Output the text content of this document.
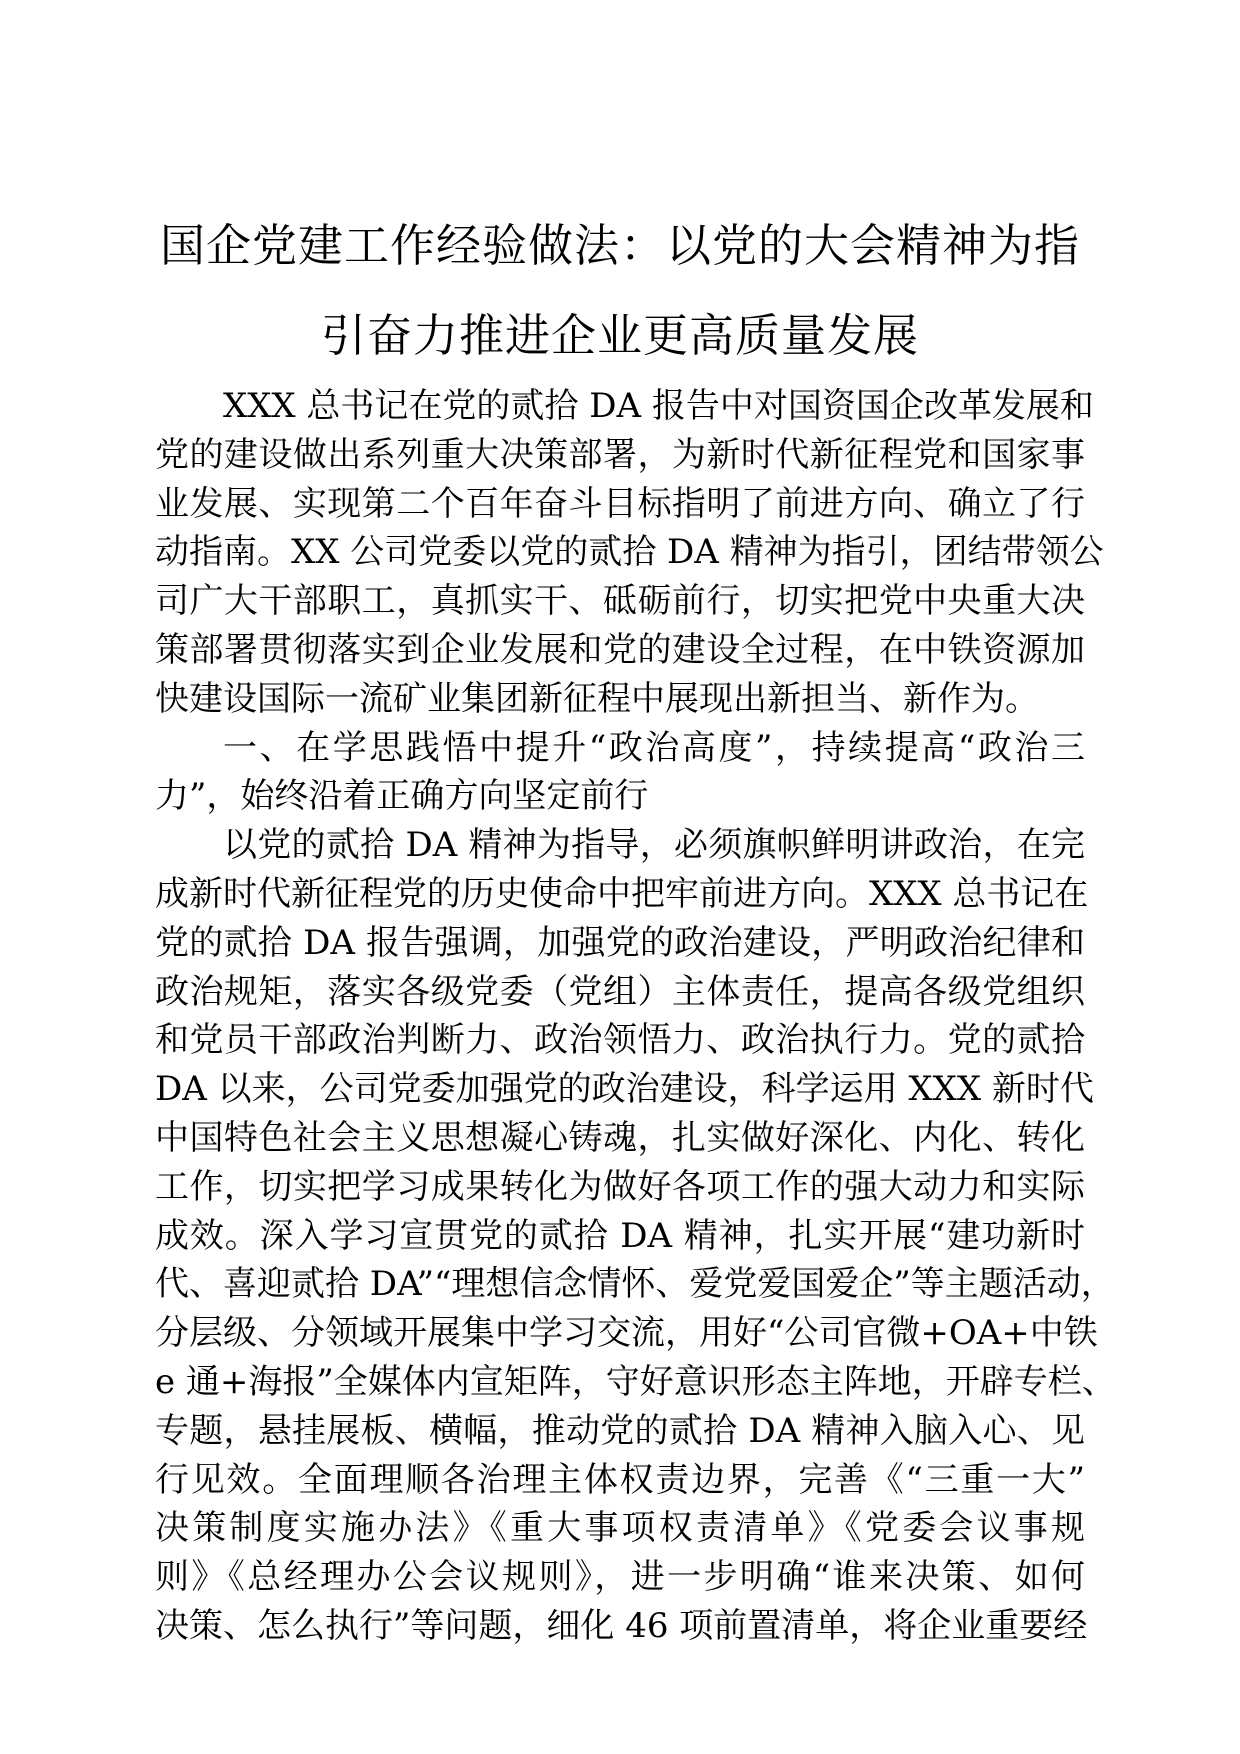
国企党建工作经验做法：以党的大会精神为指
引奋力推进企业更高质量发展
XXX 总书记在党的贰拾 DA 报告中对国资国企改革发展和
党的建设做出系列重大决策部署，为新时代新征程党和国家事
业发展、实现第二个百年奋斗目标指明了前进方向、确立了行
动指南。XX 公司党委以党的贰拾 DA 精神为指引，团结带领公
司广大干部职工，真抓实干、砥砺前行，切实把党中央重大决
策部署贯彻落实到企业发展和党的建设全过程，在中铁资源加
快建设国际一流矿业集团新征程中展现出新担当、新作为。
一、在学思践悟中提升“政治高度”，持续提高“政治三
力”，始终沿着正确方向坚定前行
以党的贰拾 DA 精神为指导，必须旗帜鲜明讲政治，在完
成新时代新征程党的历史使命中把牢前进方向。XXX 总书记在
党的贰拾 DA 报告强调，加强党的政治建设，严明政治纪律和
政治规矩，落实各级党委（党组）主体责任，提高各级党组织
和党员干部政治判断力、政治领悟力、政治执行力。党的贰拾
DA 以来，公司党委加强党的政治建设，科学运用 XXX 新时代
中国特色社会主义思想凝心铸魂，扎实做好深化、内化、转化
工作，切实把学习成果转化为做好各项工作的强大动力和实际
成效。深入学习宣贯党的贰拾 DA 精神，扎实开展“建功新时
代、喜迎贰拾 DA”“理想信念情怀、爱党爱国爱企”等主题活动，
分层级、分领域开展集中学习交流，用好“公司官微+OA+中铁
e 通+海报”全媒体内宣矩阵，守好意识形态主阵地，开辟专栏、
专题，悬挂展板、横幅，推动党的贰拾 DA 精神入脑入心、见
行见效。全面理顺各治理主体权责边界，完善《“三重一大”
决策制度实施办法》《重大事项权责清单》《党委会议事规
则》《总经理办公会议规则》，进一步明确“谁来决策、如何
决策、怎么执行”等问题，细化 46 项前置清单，将企业重要经
